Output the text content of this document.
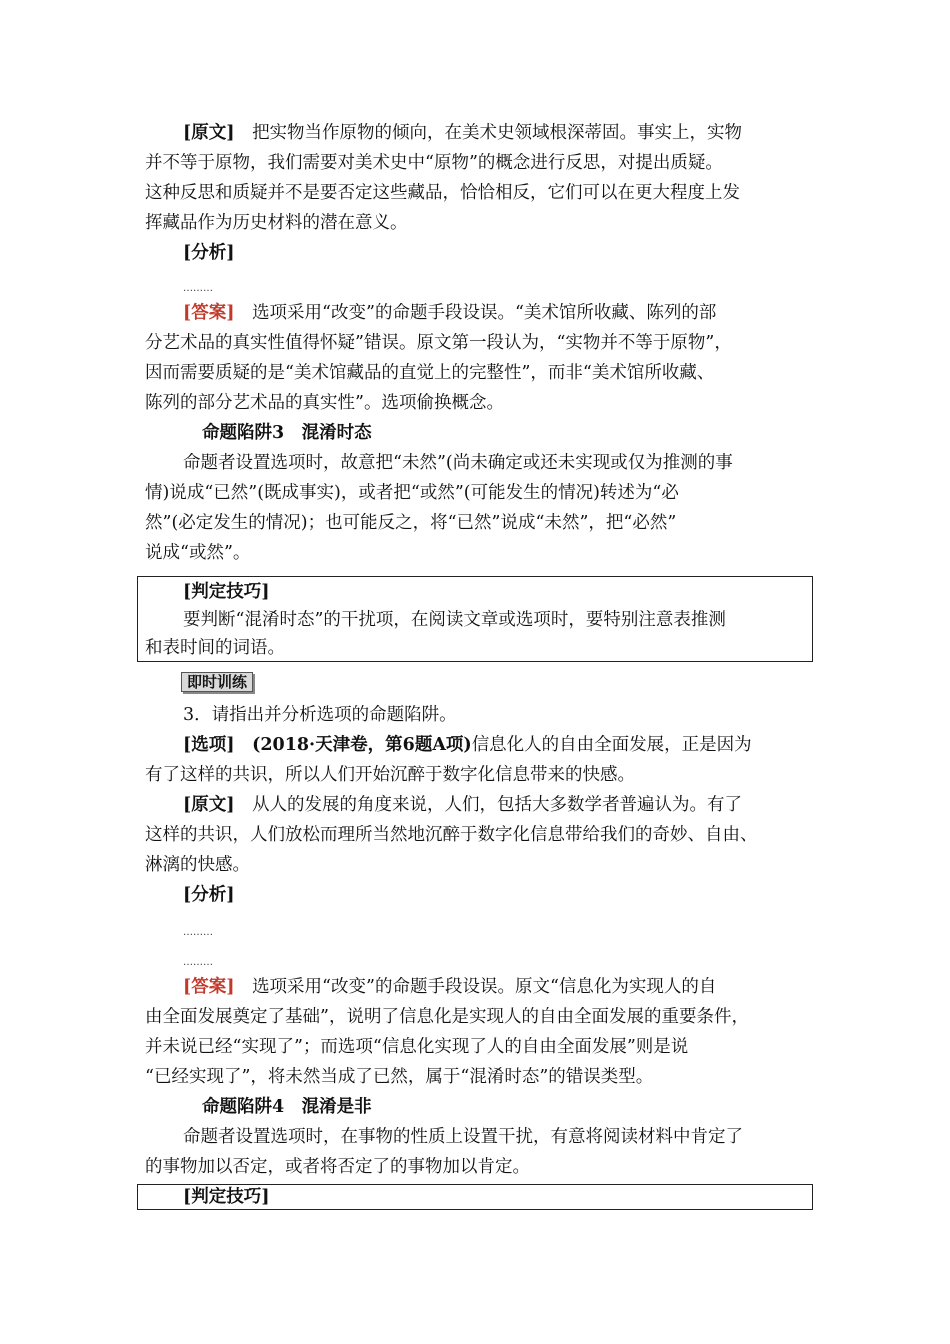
[原文]　 把实物当作原物的倾向，在美术史领域根深蒂固。事实上，实物
并不等于原物，我们需要对美术史中“原物”的概念进行反思，对提出质疑。
这种反思和质疑并不是要否定这些藏品，恰恰相反，它们可以在更大程度上发
挥藏品作为历史材料的潜在意义。
[分析]
………
[答案]　 选项采用“改变”的命题手段设误。“美术馆所收藏、陈列的部
分艺术品的真实性值得怀疑”错误。原文第一段认为，“实物并不等于原物”，
因而需要质疑的是“美术馆藏品的直觉上的完整性”，而非“美术馆所收藏、
陈列的部分艺术品的真实性”。选项偷换概念。
命题陷阱3　混淆时态
命题者设置选项时，故意把“未然”(尚未确定或还未实现或仅为推测的事
情)说成“已然”(既成事实)，或者把“或然”(可能发生的情况)转述为“必
然”(必定发生的情况)；也可能反之，将“已然”说成“未然”，把“必然”
说成“或然”。
[判定技巧]
要判断“混淆时态”的干扰项，在阅读文章或选项时，要特别注意表推测
和表时间的词语。
即时训练
3．请指出并分析选项的命题陷阱。
[选项]　 (2018·天津卷，第6题A项)信息化人的自由全面发展，正是因为
有了这样的共识，所以人们开始沉醉于数字化信息带来的快感。
[原文]　 从人的发展的角度来说，人们，包括大多数学者普遍认为。有了
这样的共识，人们放松而理所当然地沉醉于数字化信息带给我们的奇妙、自由、
淋漓的快感。
[分析]
………
………
[答案]　 选项采用“改变”的命题手段设误。原文“信息化为实现人的自
由全面发展奠定了基础”，说明了信息化是实现人的自由全面发展的重要条件，
并未说已经“实现了”；而选项“信息化实现了人的自由全面发展”则是说
“已经实现了”，将未然当成了已然，属于“混淆时态”的错误类型。
命题陷阱4　混淆是非
命题者设置选项时，在事物的性质上设置干扰，有意将阅读材料中肯定了
的事物加以否定，或者将否定了的事物加以肯定。
[判定技巧]
